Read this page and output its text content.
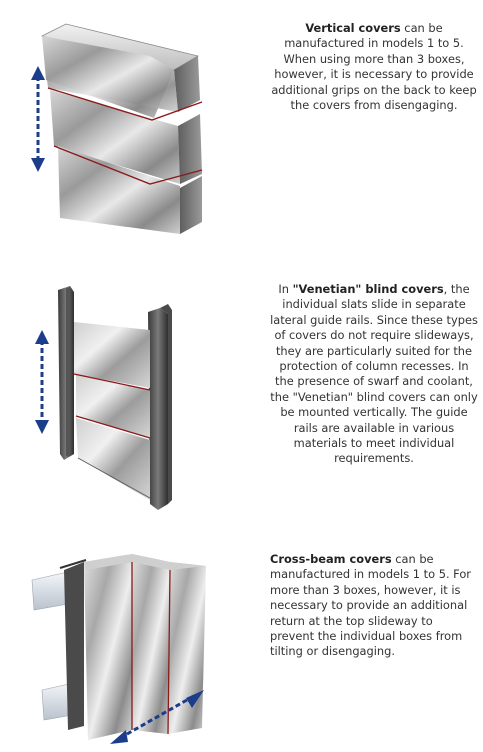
Vertical covers can be manufactured in models 1 to 5. When using more than 3 boxes, however, it is necessary to provide additional grips on the back to keep the covers from disengaging.
In "Venetian" blind covers, the individual slats slide in separate lateral guide rails. Since these types of covers do not require slideways, they are particularly suited for the protection of column recesses. In the presence of swarf and coolant, the "Venetian" blind covers can only be mounted vertically. The guide rails are available in various materials to meet individual requirements.
Cross-beam covers can be manufactured in models 1 to 5. For more than 3 boxes, however, it is necessary to provide an additional return at the top slideway to prevent the individual boxes from tilting or disengaging.
